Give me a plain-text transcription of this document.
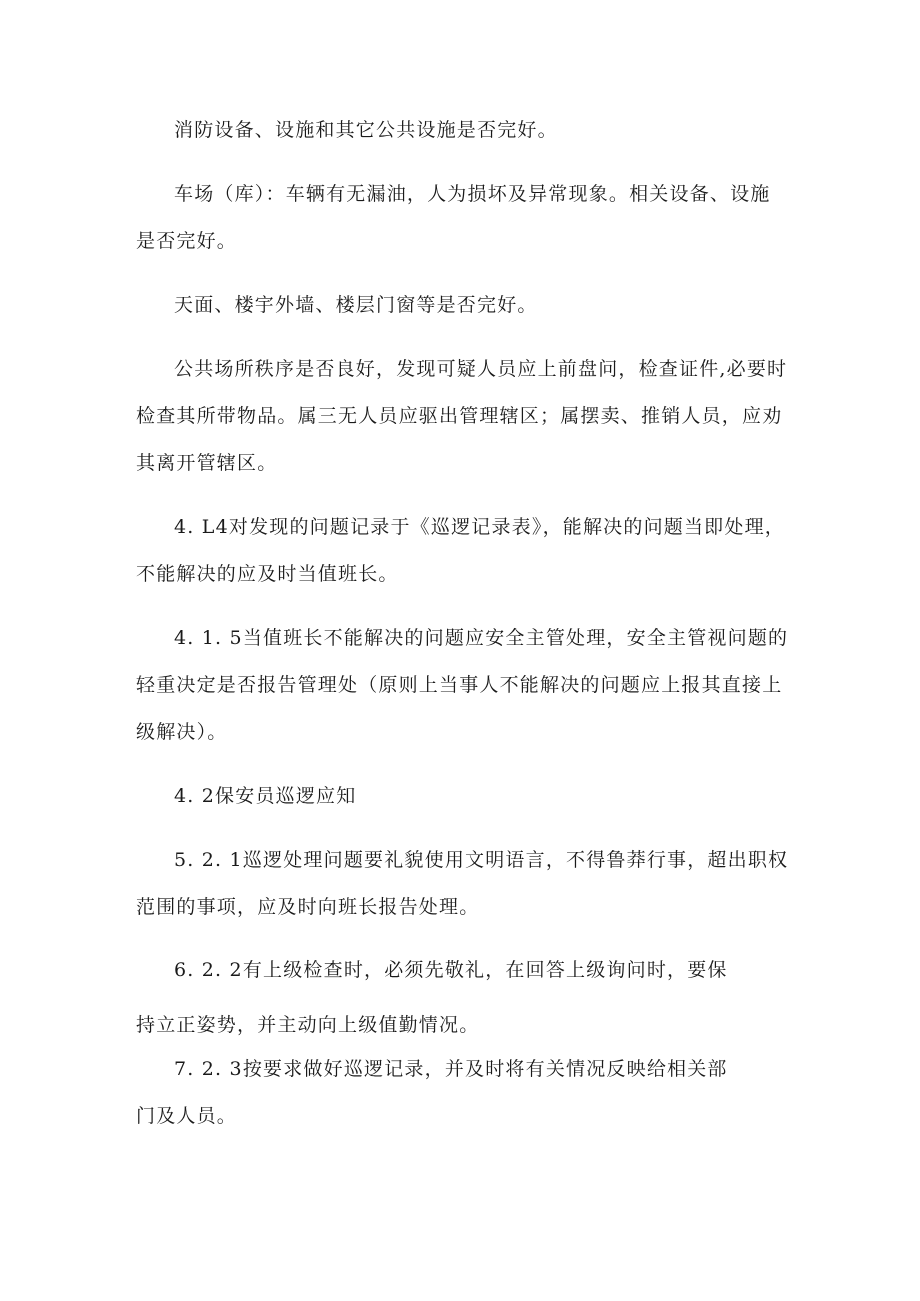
消防设备、设施和其它公共设施是否完好。
车场（库）：车辆有无漏油，人为损坏及异常现象。相关设备、设施
是否完好。
天面、楼宇外墙、楼层门窗等是否完好。
公共场所秩序是否良好，发现可疑人员应上前盘问，检查证件,必要时
检查其所带物品。属三无人员应驱出管理辖区；属摆卖、推销人员，应劝
其离开管辖区。
4. L4对发现的问题记录于《巡逻记录表》，能解决的问题当即处理，
不能解决的应及时当值班长。
4. 1. 5当值班长不能解决的问题应安全主管处理，安全主管视问题的
轻重决定是否报告管理处（原则上当事人不能解决的问题应上报其直接上
级解决）。
4. 2保安员巡逻应知
5. 2. 1巡逻处理问题要礼貌使用文明语言，不得鲁莽行事，超出职权
范围的事项，应及时向班长报告处理。
6. 2. 2有上级检查时，必须先敬礼，在回答上级询问时，要保
持立正姿势，并主动向上级值勤情况。
7. 2. 3按要求做好巡逻记录，并及时将有关情况反映给相关部
门及人员。
